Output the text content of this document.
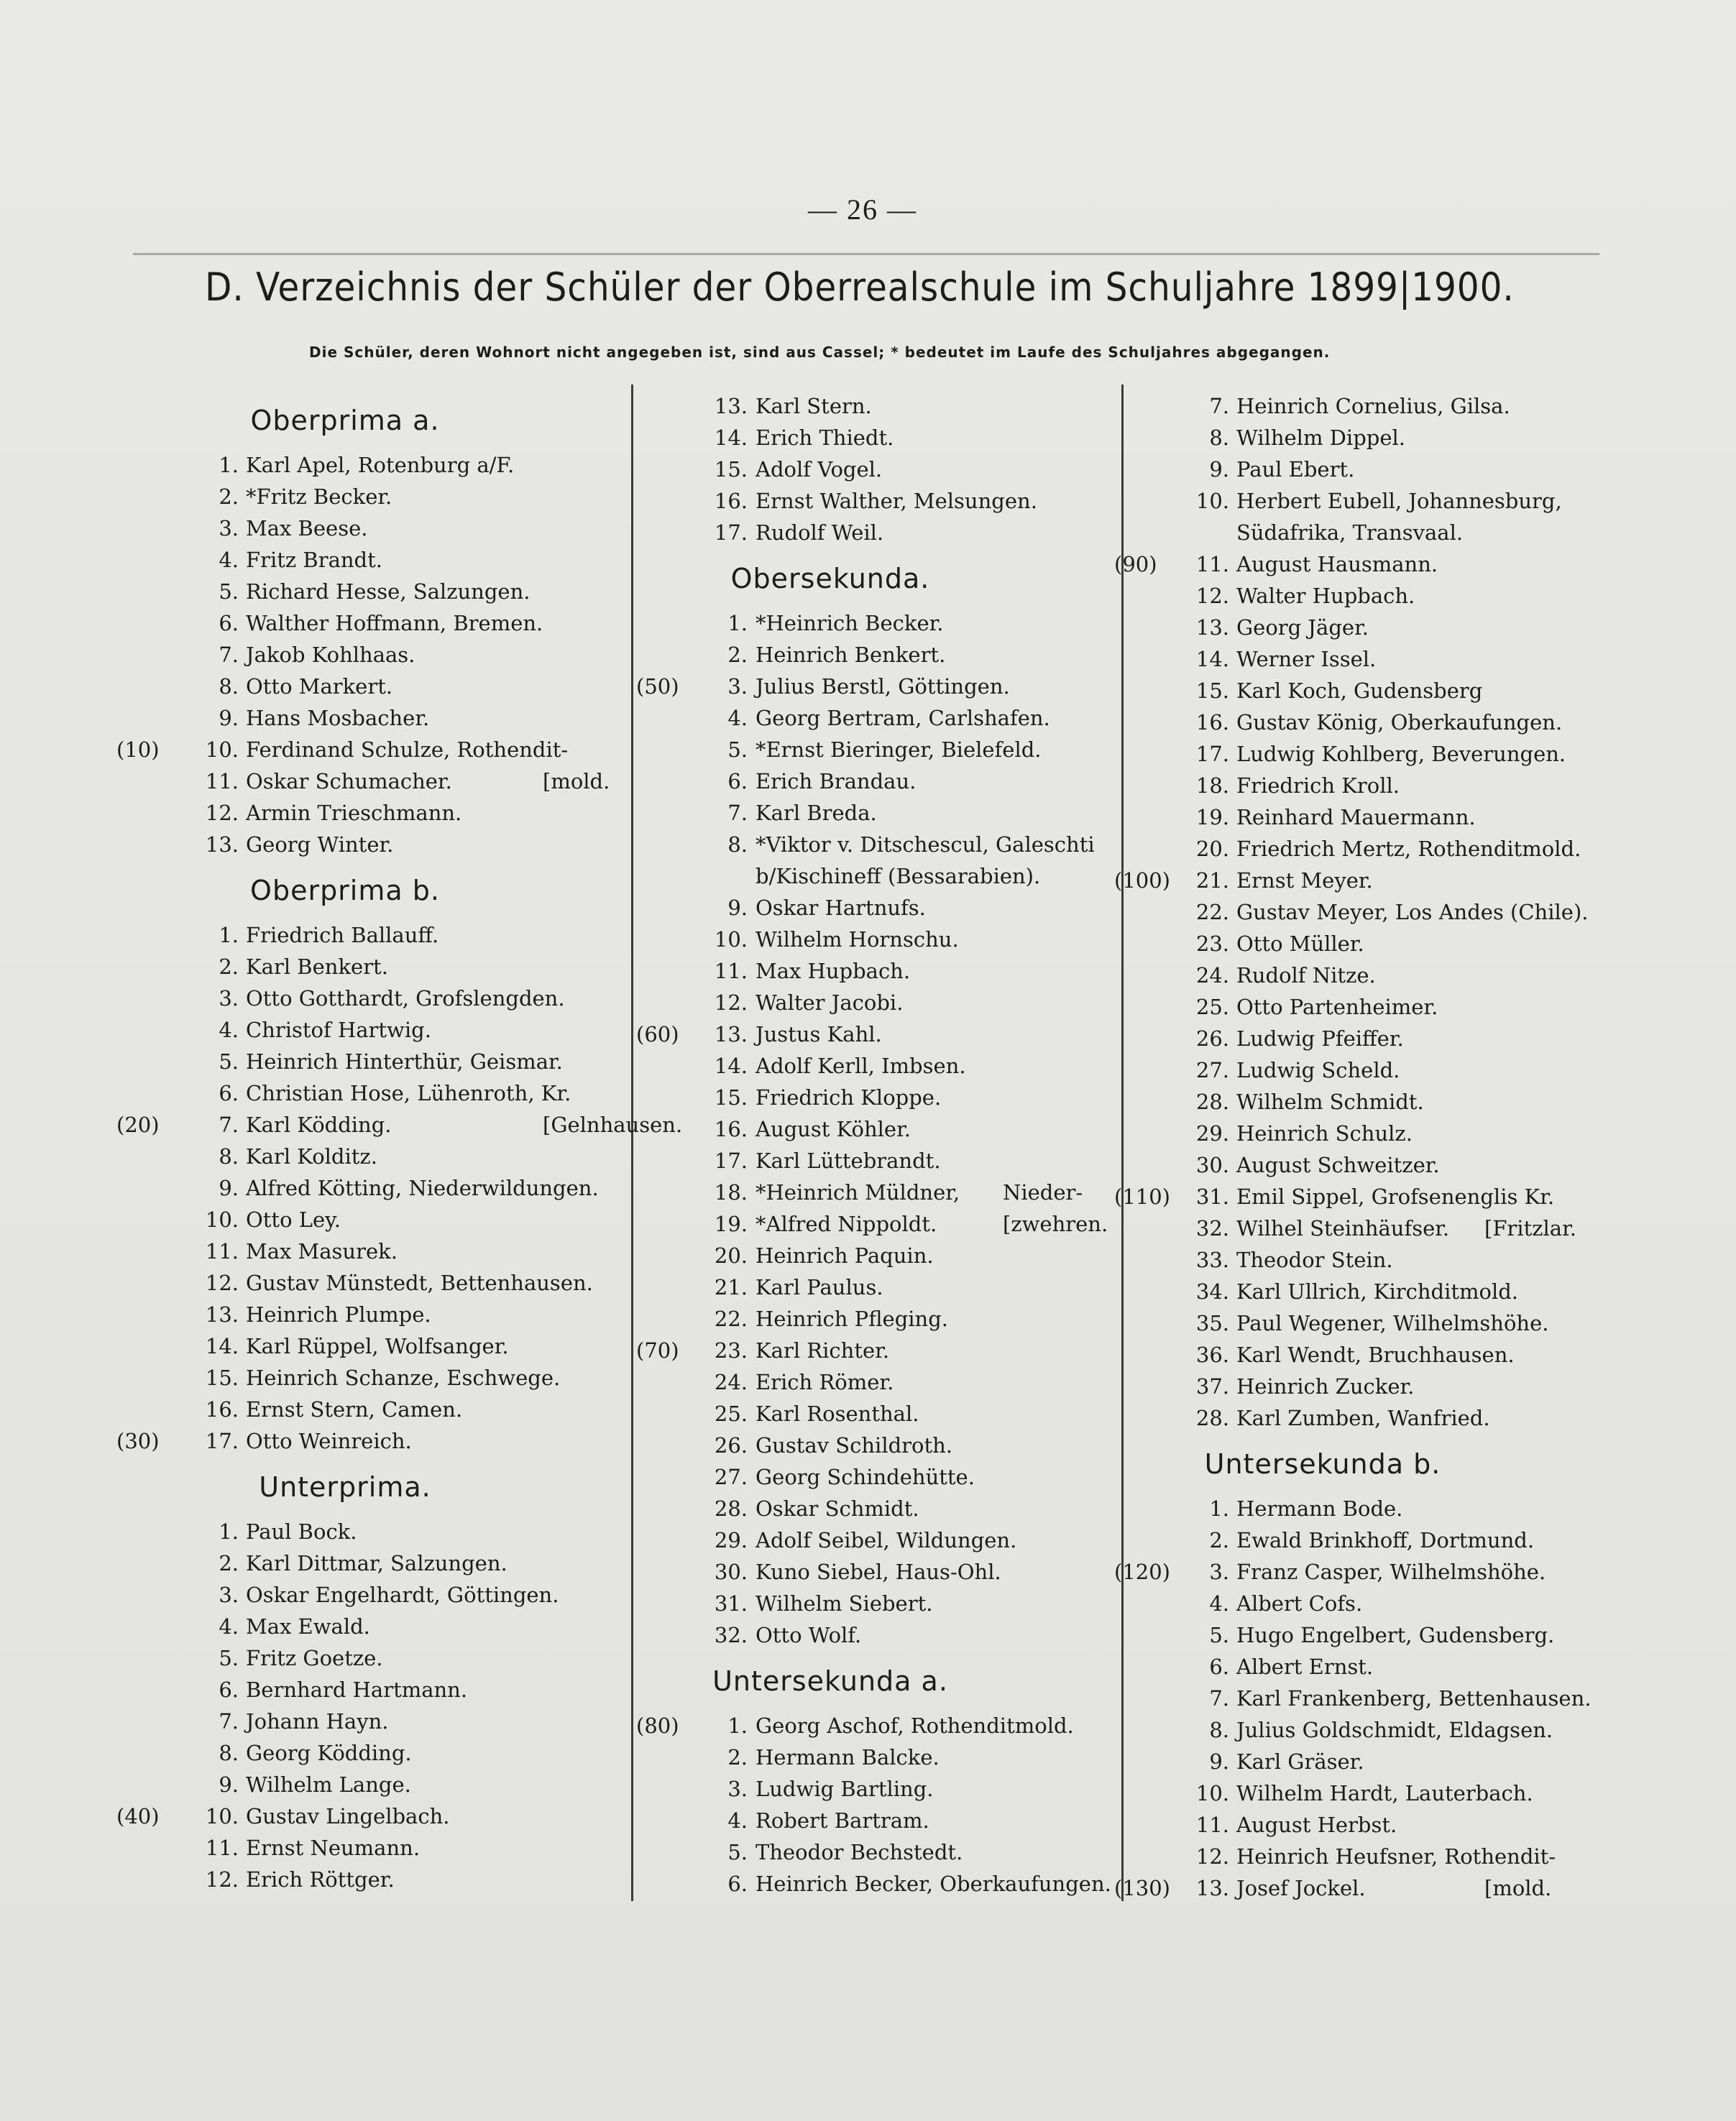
— 26 —
D. Verzeichnis der Schüler der Oberrealschule im Schuljahre 1899|1900.
Die Schüler, deren Wohnort nicht angegeben ist, sind aus Cassel; * bedeutet im Laufe des Schuljahres abgegangen.
Oberprima a.
1. Karl Apel, Rotenburg a/F.
2. *Fritz Becker.
3. Max Beese.
4. Fritz Brandt.
5. Richard Hesse, Salzungen.
6. Walther Hoffmann, Bremen.
7. Jakob Kohlhaas.
8. Otto Markert.
9. Hans Mosbacher.
(10)	10. Ferdinand Schulze, Rothendit-
11. Oskar Schumacher.	[mold.
12. Armin Trieschmann.
13. Georg Winter.
Oberprima b.
1. Friedrich Ballauff.
2. Karl Benkert.
3. Otto Gotthardt, Grofslengden.
4. Christof Hartwig.
5. Heinrich Hinterthür, Geismar.
6. Christian Hose, Lühenroth, Kr.
(20)	7. Karl Ködding.	[Gelnhausen.
8. Karl Kolditz.
9. Alfred Kötting, Niederwildungen.
10. Otto Ley.
11. Max Masurek.
12. Gustav Münstedt, Bettenhausen.
13. Heinrich Plumpe.
14. Karl Rüppel, Wolfsanger.
15. Heinrich Schanze, Eschwege.
16. Ernst Stern, Camen.
(30)	17. Otto Weinreich.
Unterprima.
1. Paul Bock.
2. Karl Dittmar, Salzungen.
3. Oskar Engelhardt, Göttingen.
4. Max Ewald.
5. Fritz Goetze.
6. Bernhard Hartmann.
7. Johann Hayn.
8. Georg Ködding.
9. Wilhelm Lange.
(40)	10. Gustav Lingelbach.
11. Ernst Neumann.
12. Erich Röttger.
13. Karl Stern.
14. Erich Thiedt.
15. Adolf Vogel.
16. Ernst Walther, Melsungen.
17. Rudolf Weil.
Obersekunda.
1. *Heinrich Becker.
2. Heinrich Benkert.
(50)	3. Julius Berstl, Göttingen.
4. Georg Bertram, Carlshafen.
5. *Ernst Bieringer, Bielefeld.
6. Erich Brandau.
7. Karl Breda.
8. *Viktor v. Ditschescul, Galeschti
b/Kischineff (Bessarabien).
9. Oskar Hartnufs.
10. Wilhelm Hornschu.
11. Max Hupbach.
12. Walter Jacobi.
(60)	13. Justus Kahl.
14. Adolf Kerll, Imbsen.
15. Friedrich Kloppe.
16. August Köhler.
17. Karl Lüttebrandt.
18. *Heinrich Müldner, Nieder-
19. *Alfred Nippoldt.	[zwehren.
20. Heinrich Paquin.
21. Karl Paulus.
22. Heinrich Pfleging.
(70)	23. Karl Richter.
24. Erich Römer.
25. Karl Rosenthal.
26. Gustav Schildroth.
27. Georg Schindehütte.
28. Oskar Schmidt.
29. Adolf Seibel, Wildungen.
30. Kuno Siebel, Haus-Ohl.
31. Wilhelm Siebert.
32. Otto Wolf.
Untersekunda a.
(80)	1. Georg Aschof, Rothenditmold.
2. Hermann Balcke.
3. Ludwig Bartling.
4. Robert Bartram.
5. Theodor Bechstedt.
6. Heinrich Becker, Oberkaufungen.
7. Heinrich Cornelius, Gilsa.
8. Wilhelm Dippel.
9. Paul Ebert.
10. Herbert Eubell, Johannesburg,
Südafrika, Transvaal.
(90)	11. August Hausmann.
12. Walter Hupbach.
13. Georg Jäger.
14. Werner Issel.
15. Karl Koch, Gudensberg
16. Gustav König, Oberkaufungen.
17. Ludwig Kohlberg, Beverungen.
18. Friedrich Kroll.
19. Reinhard Mauermann.
20. Friedrich Mertz, Rothenditmold.
(100)	21. Ernst Meyer.
22. Gustav Meyer, Los Andes (Chile).
23. Otto Müller.
24. Rudolf Nitze.
25. Otto Partenheimer.
26. Ludwig Pfeiffer.
27. Ludwig Scheld.
28. Wilhelm Schmidt.
29. Heinrich Schulz.
30. August Schweitzer.
(110)	31. Emil Sippel, Grofsenenglis Kr.
32. Wilhel Steinhäufser. [Fritzlar.
33. Theodor Stein.
34. Karl Ullrich, Kirchditmold.
35. Paul Wegener, Wilhelmshöhe.
36. Karl Wendt, Bruchhausen.
37. Heinrich Zucker.
28. Karl Zumben, Wanfried.
Untersekunda b.
1. Hermann Bode.
2. Ewald Brinkhoff, Dortmund.
(120)	3. Franz Casper, Wilhelmshöhe.
4. Albert Cofs.
5. Hugo Engelbert, Gudensberg.
6. Albert Ernst.
7. Karl Frankenberg, Bettenhausen.
8. Julius Goldschmidt, Eldagsen.
9. Karl Gräser.
10. Wilhelm Hardt, Lauterbach.
11. August Herbst.
12. Heinrich Heufsner, Rothendit-
(130)	13. Josef Jockel.	[mold.
